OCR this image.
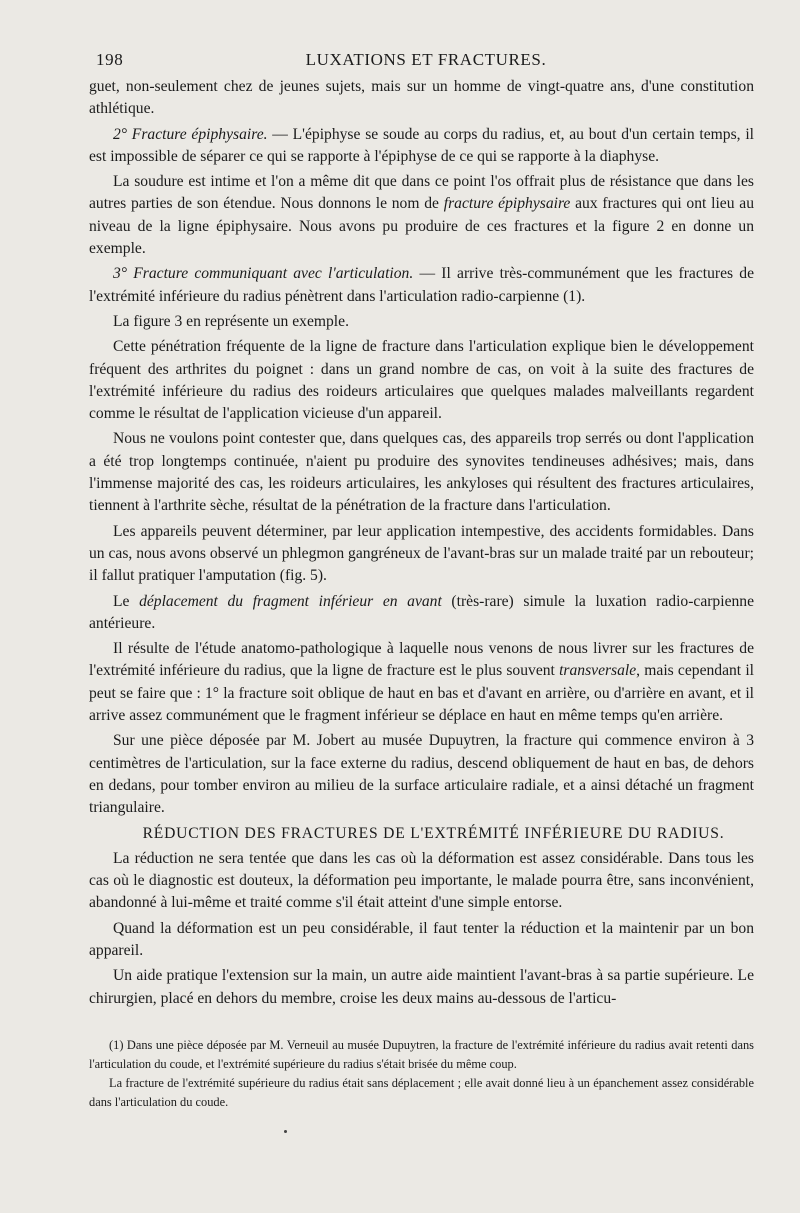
198	LUXATIONS ET FRACTURES.

guet, non-seulement chez de jeunes sujets, mais sur un homme de vingt-quatre ans, d'une constitution athlétique.

2° Fracture épiphysaire. — L'épiphyse se soude au corps du radius, et, au bout d'un certain temps, il est impossible de séparer ce qui se rapporte à l'épiphyse de ce qui se rapporte à la diaphyse.

La soudure est intime et l'on a même dit que dans ce point l'os offrait plus de résistance que dans les autres parties de son étendue. Nous donnons le nom de fracture épiphysaire aux fractures qui ont lieu au niveau de la ligne épiphysaire. Nous avons pu produire de ces fractures et la figure 2 en donne un exemple.

3° Fracture communiquant avec l'articulation. — Il arrive très-communément que les fractures de l'extrémité inférieure du radius pénètrent dans l'articulation radio-carpienne (1).

La figure 3 en représente un exemple.

Cette pénétration fréquente de la ligne de fracture dans l'articulation explique bien le développement fréquent des arthrites du poignet : dans un grand nombre de cas, on voit à la suite des fractures de l'extrémité inférieure du radius des roideurs articulaires que quelques malades malveillants regardent comme le résultat de l'application vicieuse d'un appareil.

Nous ne voulons point contester que, dans quelques cas, des appareils trop serrés ou dont l'application a été trop longtemps continuée, n'aient pu produire des synovites tendineuses adhésives; mais, dans l'immense majorité des cas, les roideurs articulaires, les ankyloses qui résultent des fractures articulaires, tiennent à l'arthrite sèche, résultat de la pénétration de la fracture dans l'articulation.

Les appareils peuvent déterminer, par leur application intempestive, des accidents formidables. Dans un cas, nous avons observé un phlegmon gangréneux de l'avant-bras sur un malade traité par un rebouteur; il fallut pratiquer l'amputation (fig. 5).

Le déplacement du fragment inférieur en avant (très-rare) simule la luxation radio-carpienne antérieure.

Il résulte de l'étude anatomo-pathologique à laquelle nous venons de nous livrer sur les fractures de l'extrémité inférieure du radius, que la ligne de fracture est le plus souvent transversale, mais cependant il peut se faire que : 1° la fracture soit oblique de haut en bas et d'avant en arrière, ou d'arrière en avant, et il arrive assez communément que le fragment inférieur se déplace en haut en même temps qu'en arrière.

Sur une pièce déposée par M. Jobert au musée Dupuytren, la fracture qui commence environ à 3 centimètres de l'articulation, sur la face externe du radius, descend obliquement de haut en bas, de dehors en dedans, pour tomber environ au milieu de la surface articulaire radiale, et a ainsi détaché un fragment triangulaire.

RÉDUCTION DES FRACTURES DE L'EXTRÉMITÉ INFÉRIEURE DU RADIUS.

La réduction ne sera tentée que dans les cas où la déformation est assez considérable. Dans tous les cas où le diagnostic est douteux, la déformation peu importante, le malade pourra être, sans inconvénient, abandonné à lui-même et traité comme s'il était atteint d'une simple entorse.

Quand la déformation est un peu considérable, il faut tenter la réduction et la maintenir par un bon appareil.

Un aide pratique l'extension sur la main, un autre aide maintient l'avant-bras à sa partie supérieure. Le chirurgien, placé en dehors du membre, croise les deux mains au-dessous de l'articu-

(1) Dans une pièce déposée par M. Verneuil au musée Dupuytren, la fracture de l'extrémité inférieure du radius avait retenti dans l'articulation du coude, et l'extrémité supérieure du radius s'était brisée du même coup.

La fracture de l'extrémité supérieure du radius était sans déplacement ; elle avait donné lieu à un épanchement assez considérable dans l'articulation du coude.
